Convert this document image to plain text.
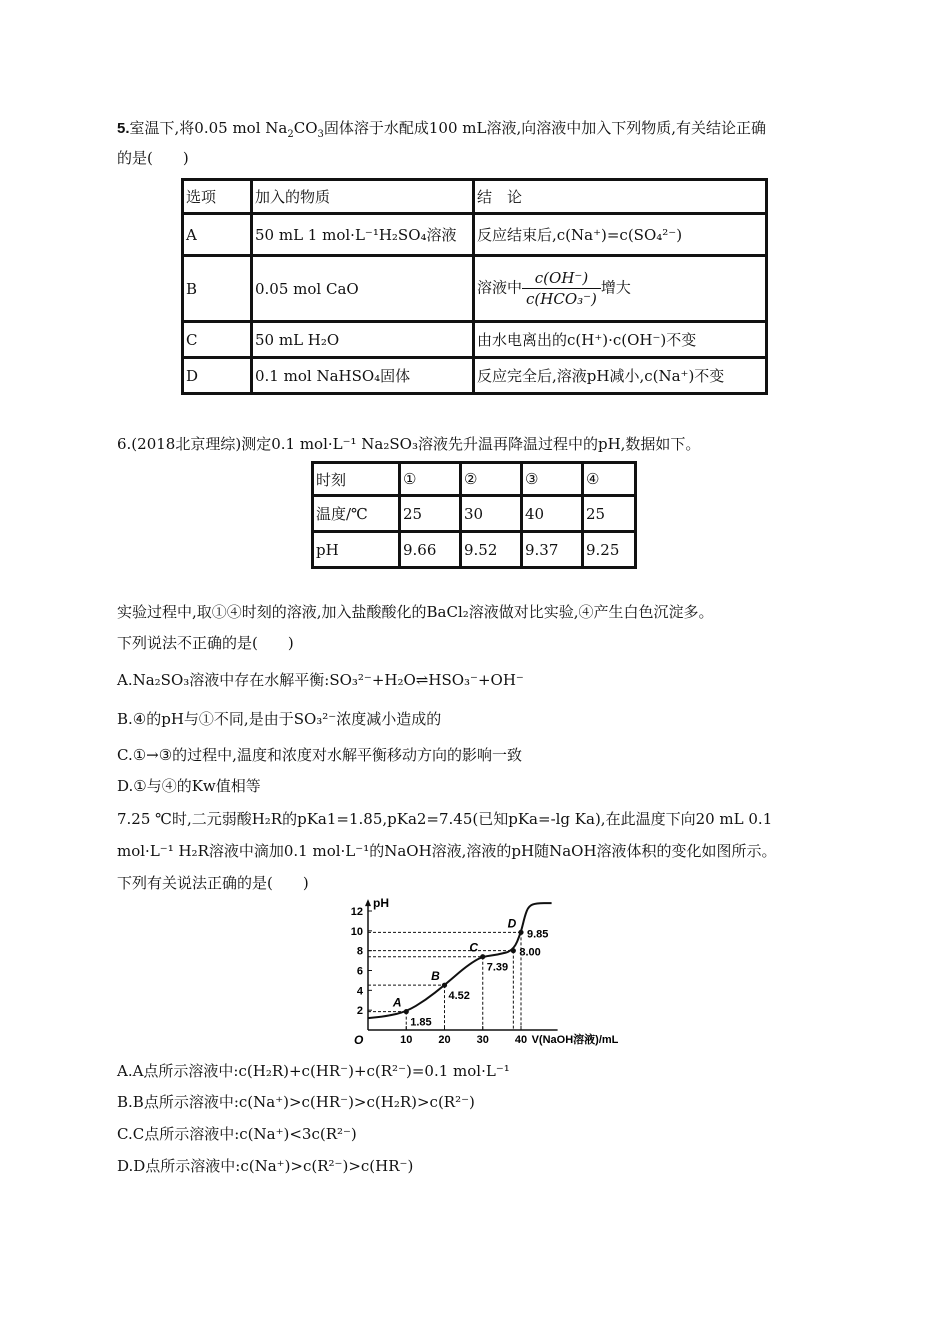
5.室温下,将0.05 mol $Na_2CO_3$固体溶于水配成100 mL溶液,向溶液中加入下列物质,有关结论正确
的是(　　)
选项	加入的物质	结　论
A	50 mL 1 mol·L⁻¹H₂SO₄溶液	反应结束后,c(Na⁺)=c(SO₄²⁻)
B	0.05 mol CaO	溶液中 $\frac{c(OH^-)}{\text{c(HCO₃⁻)}}$ 增大
C	50 mL H₂O	由水电离出的c(H⁺)·c(OH⁻)不变
D	0.1 mol NaHSO₄固体	反应完全后,溶液pH减小,c(Na⁺)不变
6.(2018北京理综)测定0.1 mol·L⁻¹ Na₂SO₃溶液先升温再降温过程中的pH,数据如下。
时刻	①	②	③	④
温度/℃	25	30	40	25
pH	9.66	9.52	9.37	9.25
实验过程中,取①④时刻的溶液,加入盐酸酸化的BaCl₂溶液做对比实验,④产生白色沉淀多。
下列说法不正确的是(　　)
A.Na₂SO₃溶液中存在水解平衡:SO₃²⁻+H₂O⇌HSO₃⁻+OH⁻
B.④的pH与①不同,是由于SO₃²⁻浓度减小造成的
C.①→③的过程中,温度和浓度对水解平衡移动方向的影响一致
D.①与④的Kw值相等
7.25 ℃时,二元弱酸H₂R的pKa1=1.85,pKa2=7.45(已知pKa=-lg Ka),在此温度下向20 mL 0.1
mol·L⁻¹ H₂R溶液中滴加0.1 mol·L⁻¹的NaOH溶液,溶液的pH随NaOH溶液体积的变化如图所示。
下列有关说法正确的是(　　)
10 20 30 40
2
4
6
8
10
12
A
1.85
B
4.52
C
7.39
8.00
D
9.85
pH
V(NaOH溶液)/mL
O
A.A点所示溶液中:c(H₂R)+c(HR⁻)+c(R²⁻)=0.1 mol·L⁻¹
B.B点所示溶液中:c(Na⁺)>c(HR⁻)>c(H₂R)>c(R²⁻)
C.C点所示溶液中:c(Na⁺)<3c(R²⁻)
D.D点所示溶液中:c(Na⁺)>c(R²⁻)>c(HR⁻)
